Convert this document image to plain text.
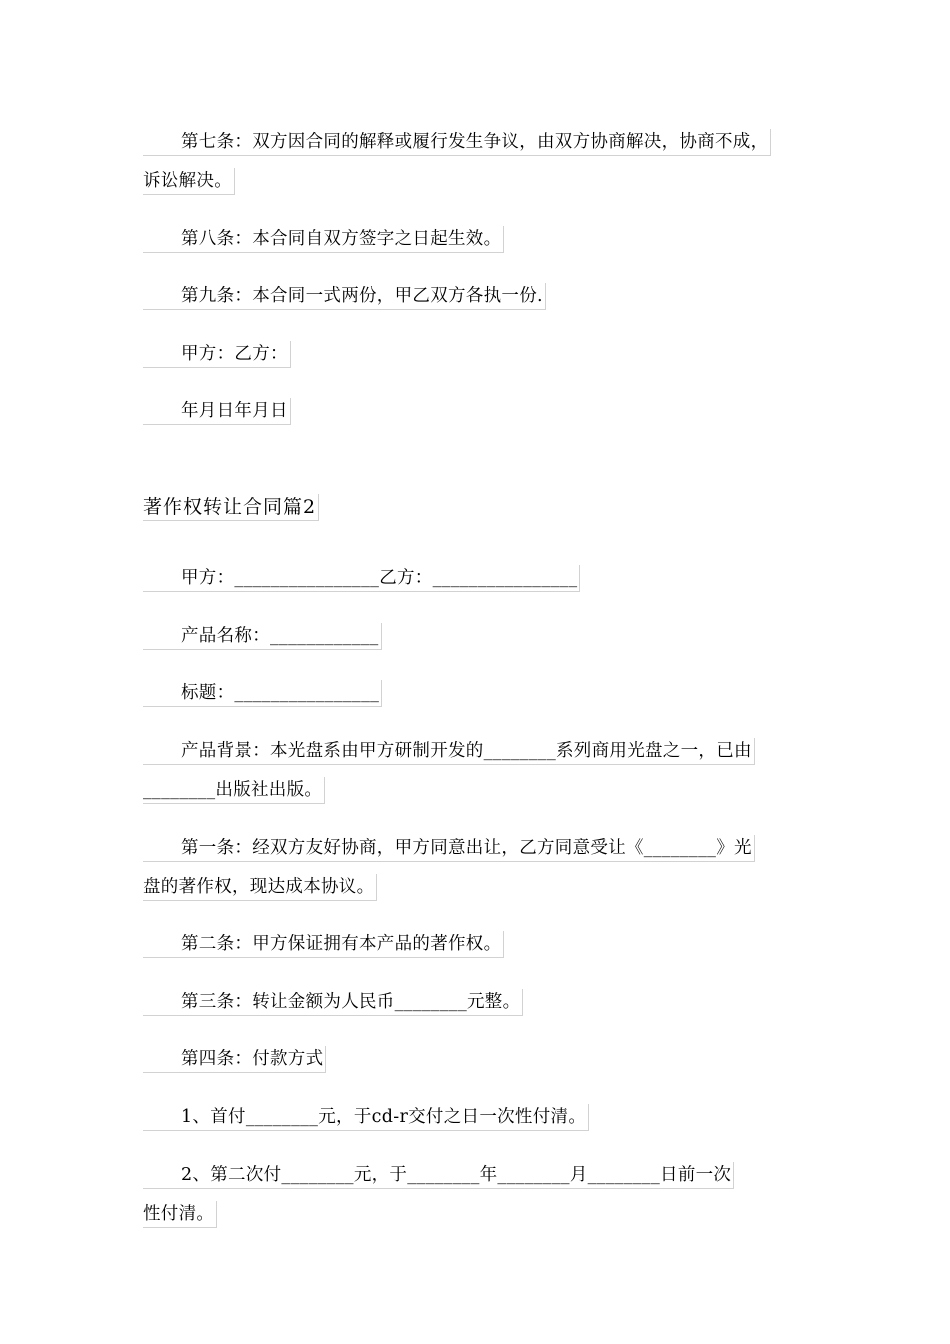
第七条：双方因合同的解释或履行发生争议，由双方协商解决，协商不成，
诉讼解决。
第八条：本合同自双方签字之日起生效。
第九条：本合同一式两份，甲乙双方各执一份.
甲方：乙方：
年月日年月日
著作权转让合同篇2
甲方：________________乙方：________________
产品名称：____________
标题：________________
产品背景：本光盘系由甲方研制开发的________系列商用光盘之一，已由
________出版社出版。
第一条：经双方友好协商，甲方同意出让，乙方同意受让《________》光
盘的著作权，现达成本协议。
第二条：甲方保证拥有本产品的著作权。
第三条：转让金额为人民币________元整。
第四条：付款方式
1、首付________元，于cd-r交付之日一次性付清。
2、第二次付________元，于________年________月________日前一次
性付清。
